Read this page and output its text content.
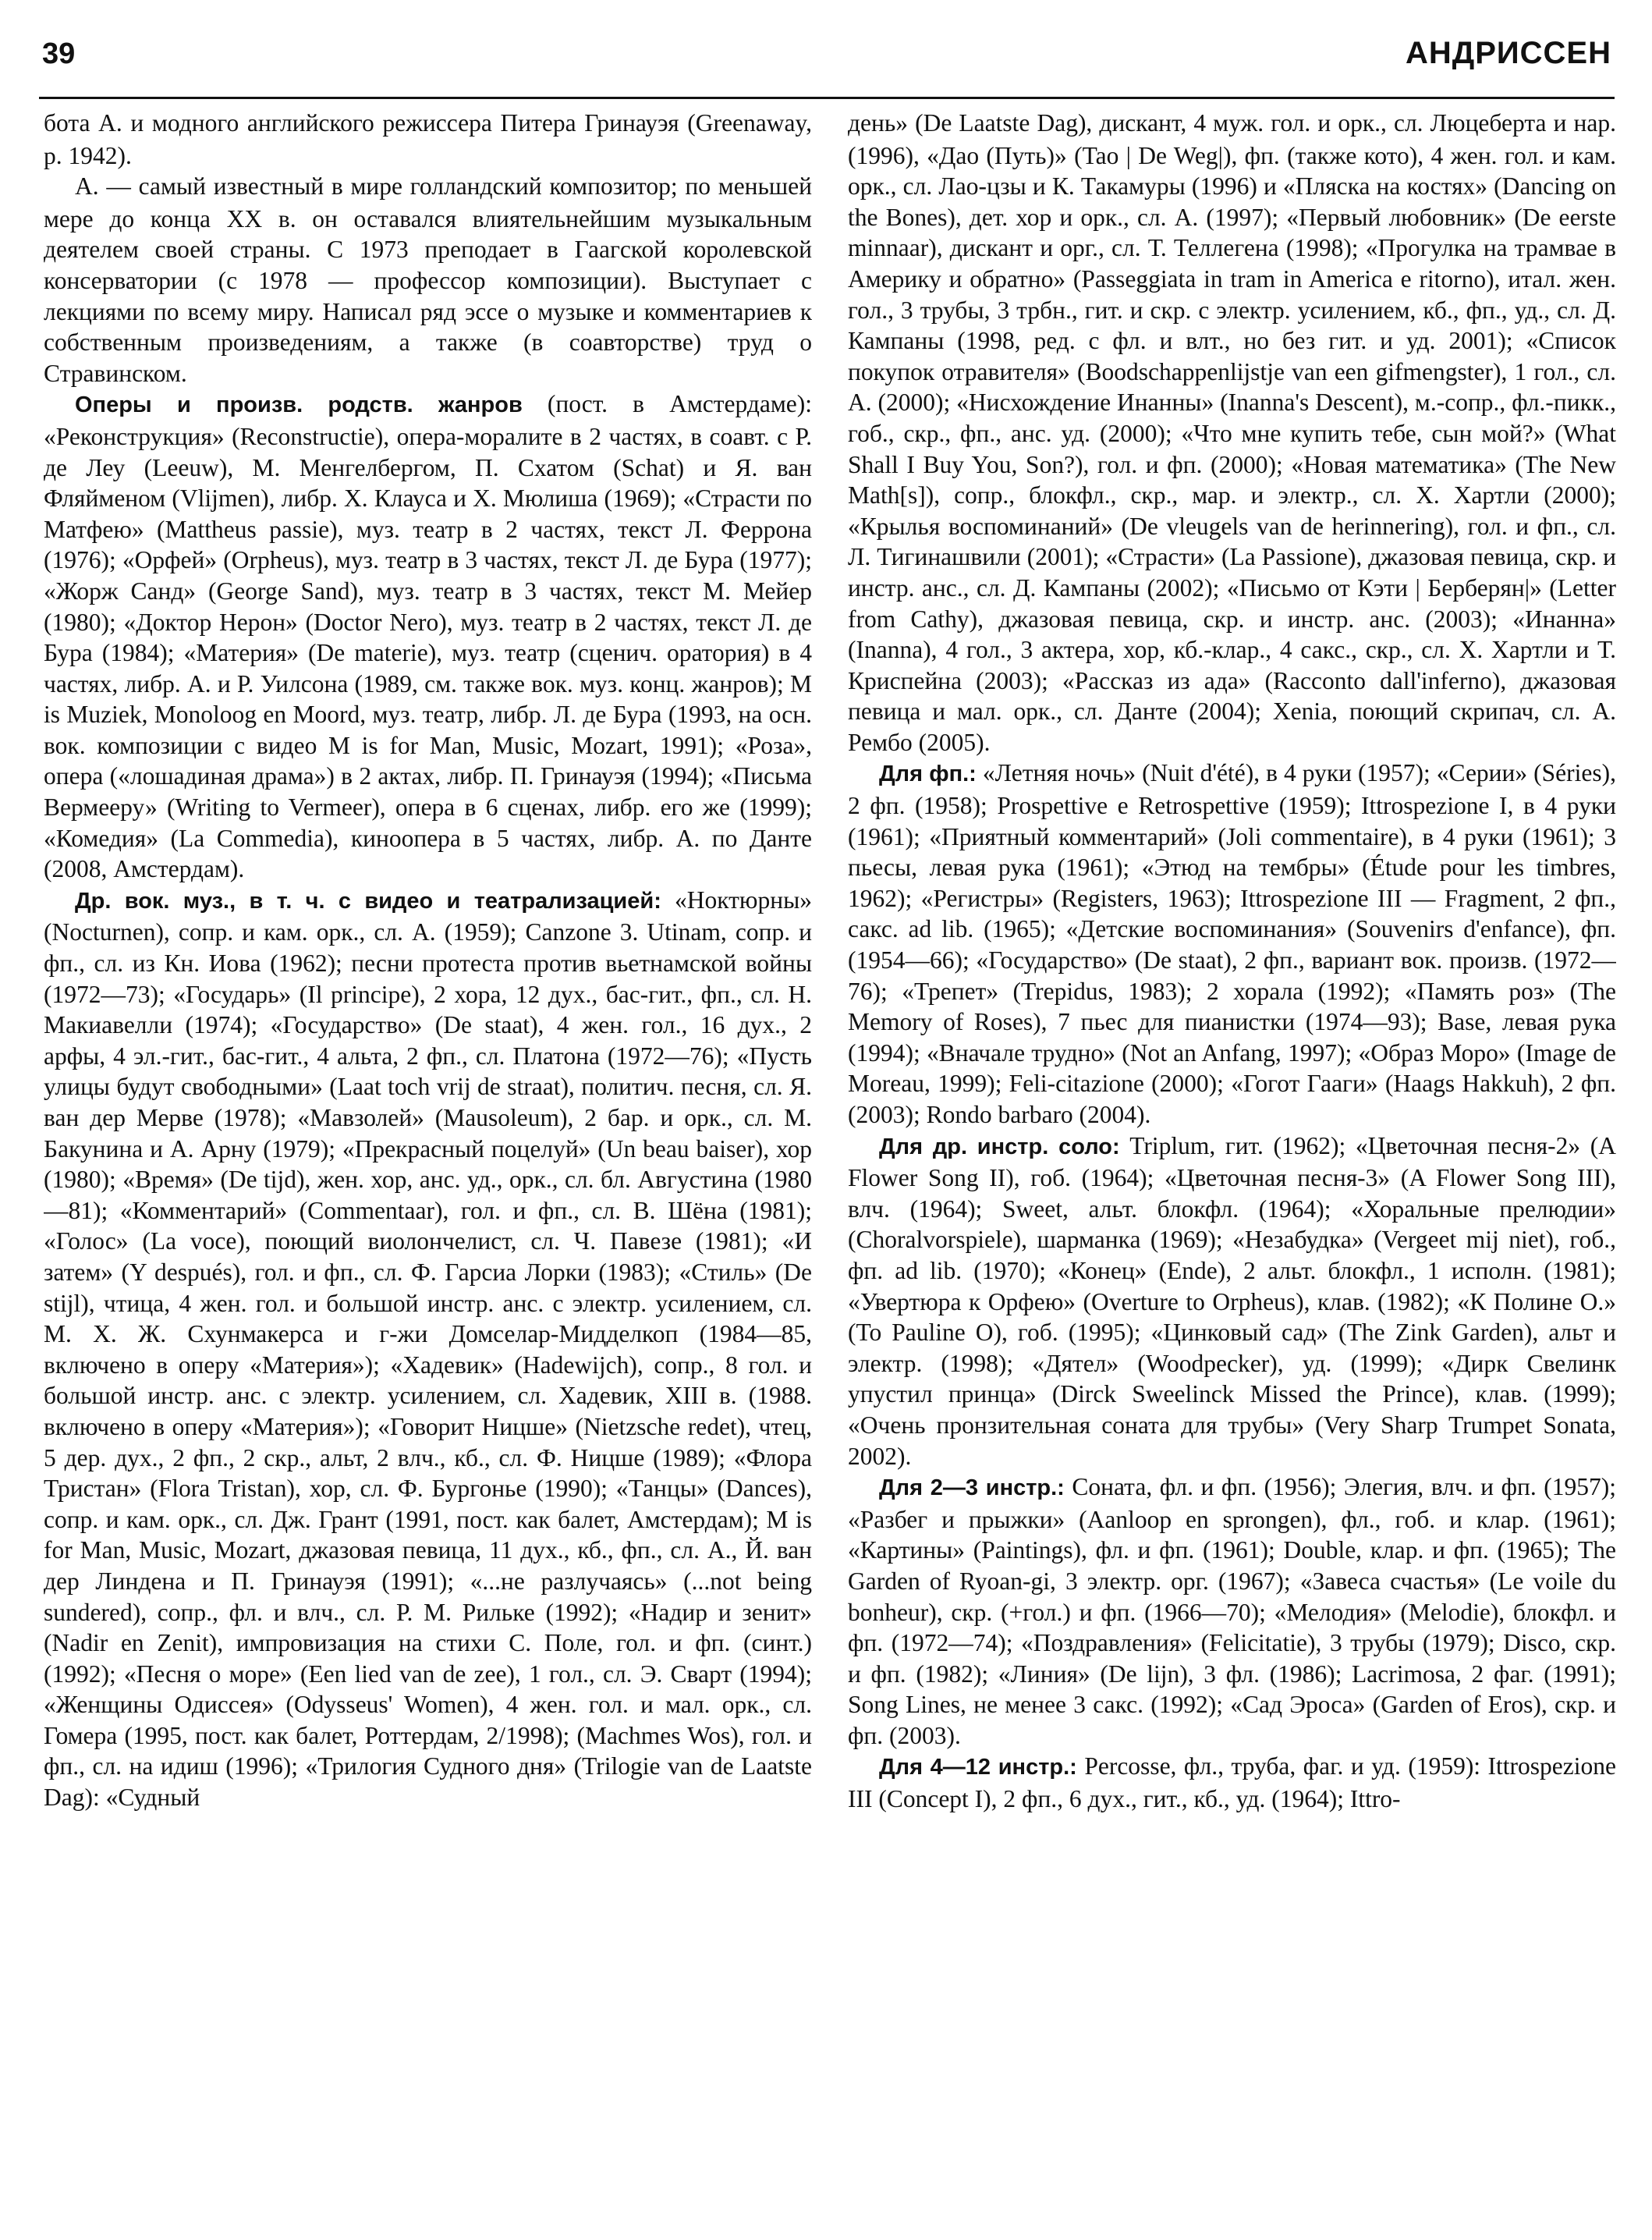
39	АНДРИССЕН

бота А. и модного английского режиссера Питера Гринауэя (Greenaway, р. 1942).

А. — самый известный в мире голландский композитор; по меньшей мере до конца XX в. он оставался влиятельнейшим музыкальным деятелем своей страны. С 1973 преподает в Гаагской королевской консерватории (с 1978 — профессор композиции). Выступает с лекциями по всему миру. Написал ряд эссе о музыке и комментариев к собственным произведениям, а также (в соавторстве) труд о Стравинском.

Оперы и произв. родств. жанров (пост. в Амстердаме): «Реконструкция» (Reconstructie), опера-моралите в 2 частях, в соавт. с Р. де Леу (Leeuw), М. Менгелбергом, П. Схатом (Schat) и Я. ван Фляйменом (Vlijmen), либр. Х. Клауса и Х. Мюлиша (1969); «Страсти по Матфею» (Mattheus passie), муз. театр в 2 частях, текст Л. Феррона (1976); «Орфей» (Orpheus), муз. театр в 3 частях, текст Л. де Бура (1977); «Жорж Санд» (George Sand), муз. театр в 3 частях, текст М. Мейер (1980); «Доктор Нерон» (Doctor Nero), муз. театр в 2 частях, текст Л. де Бура (1984); «Материя» (De materie), муз. театр (сценич. оратория) в 4 частях, либр. А. и Р. Уилсона (1989, см. также вок. муз. конц. жанров); M is Muziek, Monoloog en Moord, муз. театр, либр. Л. де Бура (1993, на осн. вок. композиции с видео M is for Man, Music, Mozart, 1991); «Роза», опера («лошадиная драма») в 2 актах, либр. П. Гринауэя (1994); «Письма Вермееру» (Writing to Vermeer), опера в 6 сценах, либр. его же (1999); «Комедия» (La Commedia), киноопера в 5 частях, либр. А. по Данте (2008, Амстердам).

Др. вок. муз., в т. ч. с видео и театрализацией: «Ноктюрны» (Nocturnen), сопр. и кам. орк., сл. А. (1959); Canzone 3. Utinam, сопр. и фп., сл. из Кн. Иова (1962); песни протеста против вьетнамской войны (1972—73); «Государь» (Il principe), 2 хора, 12 дух., бас-гит., фп., сл. Н. Макиавелли (1974); «Государство» (De staat), 4 жен. гол., 16 дух., 2 арфы, 4 эл.-гит., бас-гит., 4 альта, 2 фп., сл. Платона (1972—76); «Пусть улицы будут свободными» (Laat toch vrij de straat), политич. песня, сл. Я. ван дер Мерве (1978); «Мавзолей» (Mausoleum), 2 бар. и орк., сл. М. Бакунина и А. Арну (1979); «Прекрасный поцелуй» (Un beau baiser), хор (1980); «Время» (De tijd), жен. хор, анс. уд., орк., сл. бл. Августина (1980—81); «Комментарий» (Commentaar), гол. и фп., сл. В. Шёна (1981); «Голос» (La voce), поющий виолончелист, сл. Ч. Павезе (1981); «И затем» (Y después), гол. и фп., сл. Ф. Гарсиа Лорки (1983); «Стиль» (De stijl), чтица, 4 жен. гол. и большой инстр. анс. с электр. усилением, сл. М. Х. Ж. Схунмакерса и г-жи Домселар-Мидделкоп (1984—85, включено в оперу «Материя»); «Хадевик» (Hadewijch), сопр., 8 гол. и большой инстр. анс. с электр. усилением, сл. Хадевик, XIII в. (1988. включено в оперу «Материя»); «Говорит Ницше» (Nietzsche redet), чтец, 5 дер. дух., 2 фп., 2 скр., альт, 2 влч., кб., сл. Ф. Ницше (1989); «Флора Тристан» (Flora Tristan), хор, сл. Ф. Бургонье (1990); «Танцы» (Dances), сопр. и кам. орк., сл. Дж. Грант (1991, пост. как балет, Амстердам); M is for Man, Music, Mozart, джазовая певица, 11 дух., кб., фп., сл. А., Й. ван дер Линдена и П. Гринауэя (1991); «...не разлучаясь» (...not being sundered), сопр., фл. и влч., сл. Р. М. Рильке (1992); «Надир и зенит» (Nadir en Zenit), импровизация на стихи С. Поле, гол. и фп. (синт.) (1992); «Песня о море» (Een lied van de zee), 1 гол., сл. Э. Сварт (1994); «Женщины Одиссея» (Odysseus' Women), 4 жен. гол. и мал. орк., сл. Гомера (1995, пост. как балет, Роттердам, 2/1998); (Machmes Wos), гол. и фп., сл. на идиш (1996); «Трилогия Судного дня» (Trilogie van de Laatste Dag): «Судный

день» (De Laatste Dag), дискант, 4 муж. гол. и орк., сл. Люцеберта и нар. (1996), «Дао (Путь)» (Tao | De Weg|), фп. (также кото), 4 жен. гол. и кам. орк., сл. Лао-цзы и К. Такамуры (1996) и «Пляска на костях» (Dancing on the Bones), дет. хор и орк., сл. А. (1997); «Первый любовник» (De eerste minnaar), дискант и орг., сл. Т. Теллегена (1998); «Прогулка на трамвае в Америку и обратно» (Passeggiata in tram in America e ritorno), итал. жен. гол., 3 трубы, 3 трбн., гит. и скр. с электр. усилением, кб., фп., уд., сл. Д. Кампаны (1998, ред. с фл. и влт., но без гит. и уд. 2001); «Список покупок отравителя» (Boodschappenlijstje van een gifmengster), 1 гол., сл. А. (2000); «Нисхождение Инанны» (Inanna's Descent), м.-сопр., фл.-пикк., гоб., скр., фп., анс. уд. (2000); «Что мне купить тебе, сын мой?» (What Shall I Buy You, Son?), гол. и фп. (2000); «Новая математика» (The New Math[s]), сопр., блокфл., скр., мар. и электр., сл. Х. Хартли (2000); «Крылья воспоминаний» (De vleugels van de herinnering), гол. и фп., сл. Л. Тигинашвили (2001); «Страсти» (La Passione), джазовая певица, скр. и инстр. анс., сл. Д. Кампаны (2002); «Письмо от Кэти | Берберян|» (Letter from Cathy), джазовая певица, скр. и инстр. анс. (2003); «Инанна» (Inanna), 4 гол., 3 актера, хор, кб.-клар., 4 сакс., скр., сл. Х. Хартли и Т. Криспейна (2003); «Рассказ из ада» (Racconto dall'inferno), джазовая певица и мал. орк., сл. Данте (2004); Xenia, поющий скрипач, сл. А. Рембо (2005).

Для фп.: «Летняя ночь» (Nuit d'été), в 4 руки (1957); «Серии» (Séries), 2 фп. (1958); Prospettive e Retrospettive (1959); Ittrospezione I, в 4 руки (1961); «Приятный комментарий» (Joli commentaire), в 4 руки (1961); 3 пьесы, левая рука (1961); «Этюд на тембры» (Étude pour les timbres, 1962); «Регистры» (Registers, 1963); Ittrospezione III — Fragment, 2 фп., сакс. ad lib. (1965); «Детские воспоминания» (Souvenirs d'enfance), фп. (1954—66); «Государство» (De staat), 2 фп., вариант вок. произв. (1972—76); «Трепет» (Trepidus, 1983); 2 хорала (1992); «Память роз» (The Memory of Roses), 7 пьес для пианистки (1974—93); Base, левая рука (1994); «Вначале трудно» (Not an Anfang, 1997); «Образ Моро» (Image de Moreau, 1999); Feli-citazione (2000); «Гогот Гааги» (Haags Hakkuh), 2 фп. (2003); Rondo barbaro (2004).

Для др. инстр. соло: Triplum, гит. (1962); «Цветочная песня-2» (A Flower Song II), гоб. (1964); «Цветочная песня-3» (A Flower Song III), влч. (1964); Sweet, альт. блокфл. (1964); «Хоральные прелюдии» (Choralvorspiele), шарманка (1969); «Незабудка» (Vergeet mij niet), гоб., фп. ad lib. (1970); «Конец» (Ende), 2 альт. блокфл., 1 исполн. (1981); «Увертюра к Орфею» (Overture to Orpheus), клав. (1982); «К Полине О.» (To Pauline O), гоб. (1995); «Цинковый сад» (The Zink Garden), альт и электр. (1998); «Дятел» (Woodpecker), уд. (1999); «Дирк Свелинк упустил принца» (Dirck Sweelinck Missed the Prince), клав. (1999); «Очень пронзительная соната для трубы» (Very Sharp Trumpet Sonata, 2002).

Для 2—3 инстр.: Соната, фл. и фп. (1956); Элегия, влч. и фп. (1957); «Разбег и прыжки» (Aanloop en sprongen), фл., гоб. и клар. (1961); «Картины» (Paintings), фл. и фп. (1961); Double, клар. и фп. (1965); The Garden of Ryoan-gi, 3 электр. орг. (1967); «Завеса счастья» (Le voile du bonheur), скр. (+гол.) и фп. (1966—70); «Мелодия» (Melodie), блокфл. и фп. (1972—74); «Поздравления» (Felicitatie), 3 трубы (1979); Disco, скр. и фп. (1982); «Линия» (De lijn), 3 фл. (1986); Lacrimosa, 2 фаг. (1991); Song Lines, не менее 3 сакс. (1992); «Сад Эроса» (Garden of Eros), скр. и фп. (2003).

Для 4—12 инстр.: Percosse, фл., труба, фаг. и уд. (1959): Ittrospezione III (Concept I), 2 фп., 6 дух., гит., кб., уд. (1964); Ittro-
